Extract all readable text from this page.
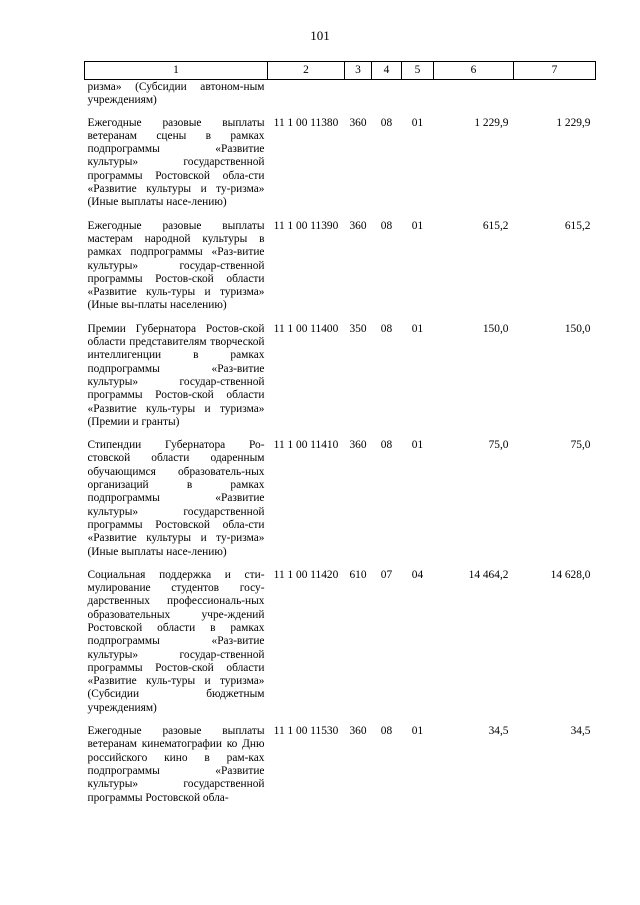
101
1	2	3	4	5	6	7
ризма» (Субсидии автоном-ным учреждениям)						
Ежегодные разовые выплаты ветеранам сцены в рамках подпрограммы «Развитие культуры» государственной программы Ростовской обла-сти «Развитие культуры и ту-ризма» (Иные выплаты насе-лению)	11 1 00 11380	360	08	01	1 229,9	1 229,9
Ежегодные разовые выплаты мастерам народной культуры в рамках подпрограммы «Раз-витие культуры» государ-ственной программы Ростов-ской области «Развитие куль-туры и туризма» (Иные вы-платы населению)	11 1 00 11390	360	08	01	615,2	615,2
Премии Губернатора Ростов-ской области представителям творческой интеллигенции в рамках подпрограммы «Раз-витие культуры» государ-ственной программы Ростов-ской области «Развитие куль-туры и туризма» (Премии и гранты)	11 1 00 11400	350	08	01	150,0	150,0
Стипендии Губернатора Ро-стовской области одаренным обучающимся образователь-ных организаций в рамках подпрограммы «Развитие культуры» государственной программы Ростовской обла-сти «Развитие культуры и ту-ризма» (Иные выплаты насе-лению)	11 1 00 11410	360	08	01	75,0	75,0
Социальная поддержка и сти-мулирование студентов госу-дарственных профессиональ-ных образовательных учре-ждений Ростовской области в рамках подпрограммы «Раз-витие культуры» государ-ственной программы Ростов-ской области «Развитие куль-туры и туризма» (Субсидии бюджетным учреждениям)	11 1 00 11420	610	07	04	14 464,2	14 628,0
Ежегодные разовые выплаты ветеранам кинематографии ко Дню российского кино в рам-ках подпрограммы «Развитие культуры» государственной программы Ростовской обла-	11 1 00 11530	360	08	01	34,5	34,5
